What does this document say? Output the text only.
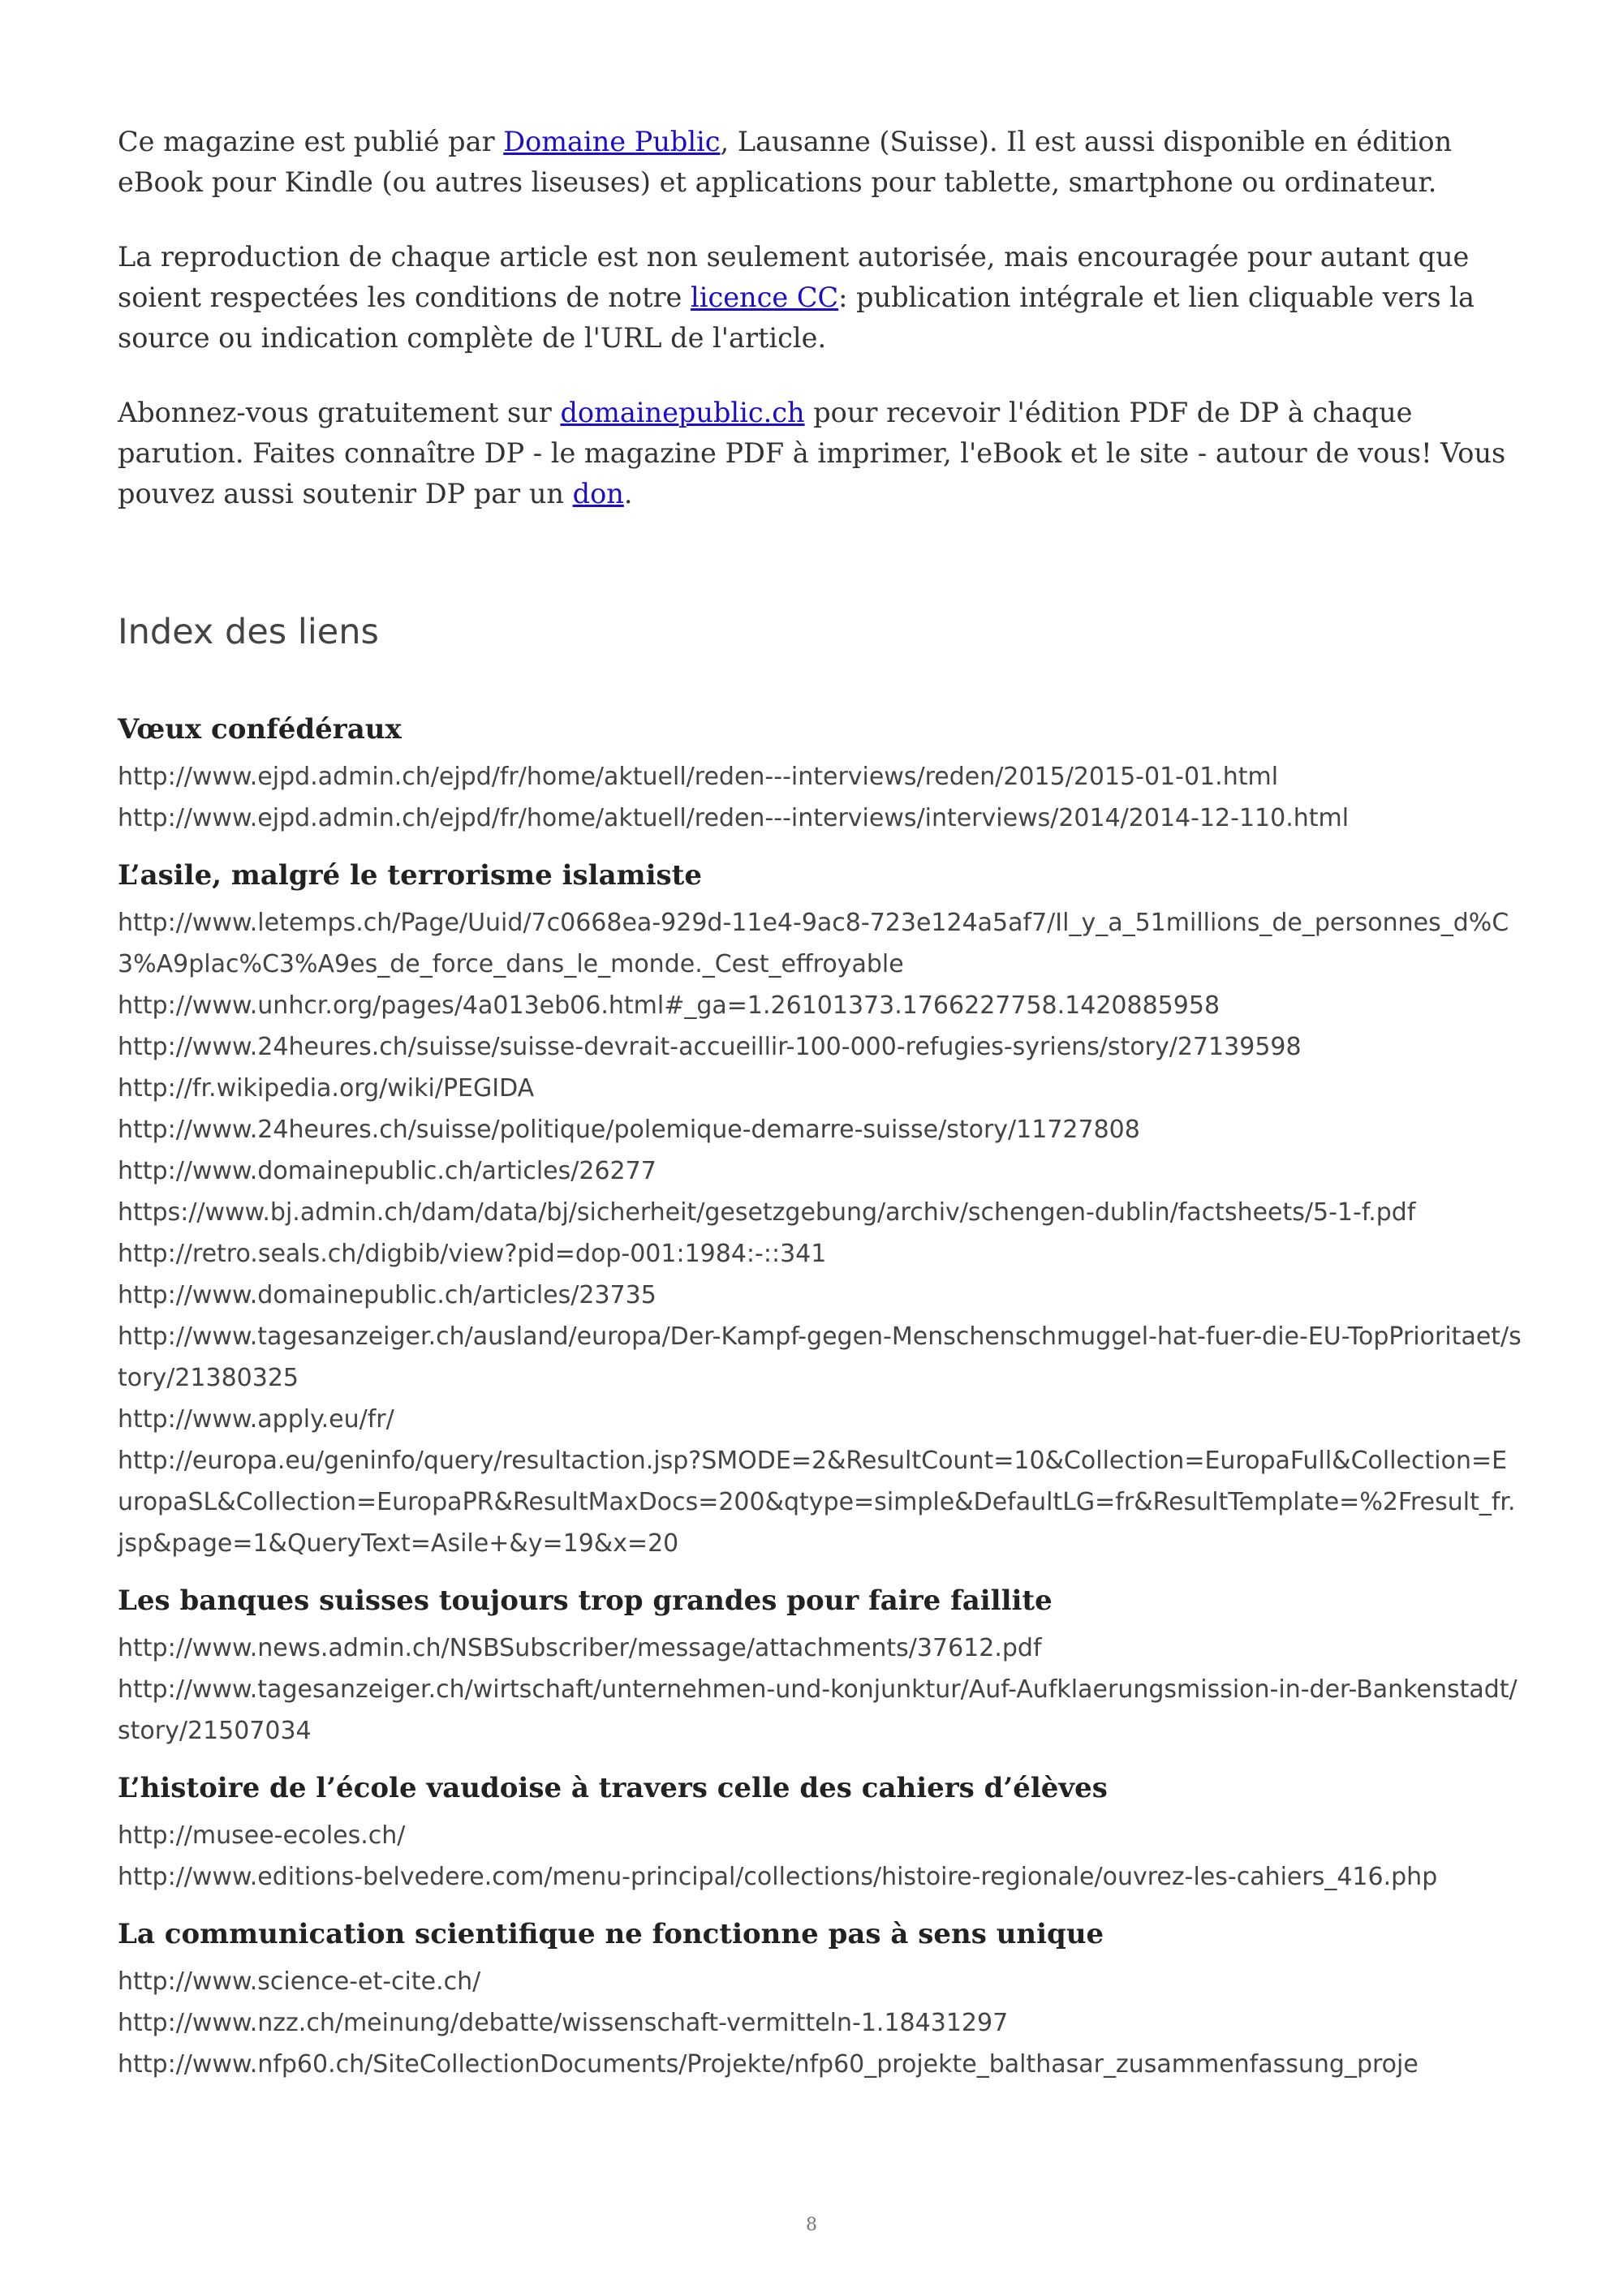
Ce magazine est publié par Domaine Public, Lausanne (Suisse). Il est aussi disponible en édition eBook pour Kindle (ou autres liseuses) et applications pour tablette, smartphone ou ordinateur.

La reproduction de chaque article est non seulement autorisée, mais encouragée pour autant que soient respectées les conditions de notre licence CC: publication intégrale et lien cliquable vers la source ou indication complète de l'URL de l'article.

Abonnez-vous gratuitement sur domainepublic.ch pour recevoir l'édition PDF de DP à chaque parution. Faites connaître DP - le magazine PDF à imprimer, l'eBook et le site - autour de vous! Vous pouvez aussi soutenir DP par un don.

Index des liens
Vœux confédéraux

http://www.ejpd.admin.ch/ejpd/fr/home/aktuell/reden---interviews/reden/2015/2015-01-01.html

http://www.ejpd.admin.ch/ejpd/fr/home/aktuell/reden---interviews/interviews/2014/2014-12-110.html

L’asile, malgré le terrorisme islamiste

http://www.letemps.ch/Page/Uuid/7c0668ea-929d-11e4-9ac8-723e124a5af7/Il_y_a_51millions_de_personnes_d%C3%A9plac%C3%A9es_de_force_dans_le_monde._Cest_effroyable

http://www.unhcr.org/pages/4a013eb06.html#_ga=1.26101373.1766227758.1420885958

http://www.24heures.ch/suisse/suisse-devrait-accueillir-100-000-refugies-syriens/story/27139598

http://fr.wikipedia.org/wiki/PEGIDA

http://www.24heures.ch/suisse/politique/polemique-demarre-suisse/story/11727808

http://www.domainepublic.ch/articles/26277

https://www.bj.admin.ch/dam/data/bj/sicherheit/gesetzgebung/archiv/schengen-dublin/factsheets/5-1-f.pdf

http://retro.seals.ch/digbib/view?pid=dop-001:1984:-::341

http://www.domainepublic.ch/articles/23735

http://www.tagesanzeiger.ch/ausland/europa/Der-Kampf-gegen-Menschenschmuggel-hat-fuer-die-EU-TopPrioritaet/story/21380325

http://www.apply.eu/fr/

http://europa.eu/geninfo/query/resultaction.jsp?SMODE=2&ResultCount=10&Collection=EuropaFull&Collection=EuropaSL&Collection=EuropaPR&ResultMaxDocs=200&qtype=simple&DefaultLG=fr&ResultTemplate=%2Fresult_fr.jsp&page=1&QueryText=Asile+&y=19&x=20

Les banques suisses toujours trop grandes pour faire faillite

http://www.news.admin.ch/NSBSubscriber/message/attachments/37612.pdf

http://www.tagesanzeiger.ch/wirtschaft/unternehmen-und-konjunktur/Auf-Aufklaerungsmission-in-der-Bankenstadt/story/21507034

L’histoire de l’école vaudoise à travers celle des cahiers d’élèves

http://musee-ecoles.ch/

http://www.editions-belvedere.com/menu-principal/collections/histoire-regionale/ouvrez-les-cahiers_416.php

La communication scientifique ne fonctionne pas à sens unique

http://www.science-et-cite.ch/

http://www.nzz.ch/meinung/debatte/wissenschaft-vermitteln-1.18431297

http://www.nfp60.ch/SiteCollectionDocuments/Projekte/nfp60_projekte_balthasar_zusammenfassung_proje

8
